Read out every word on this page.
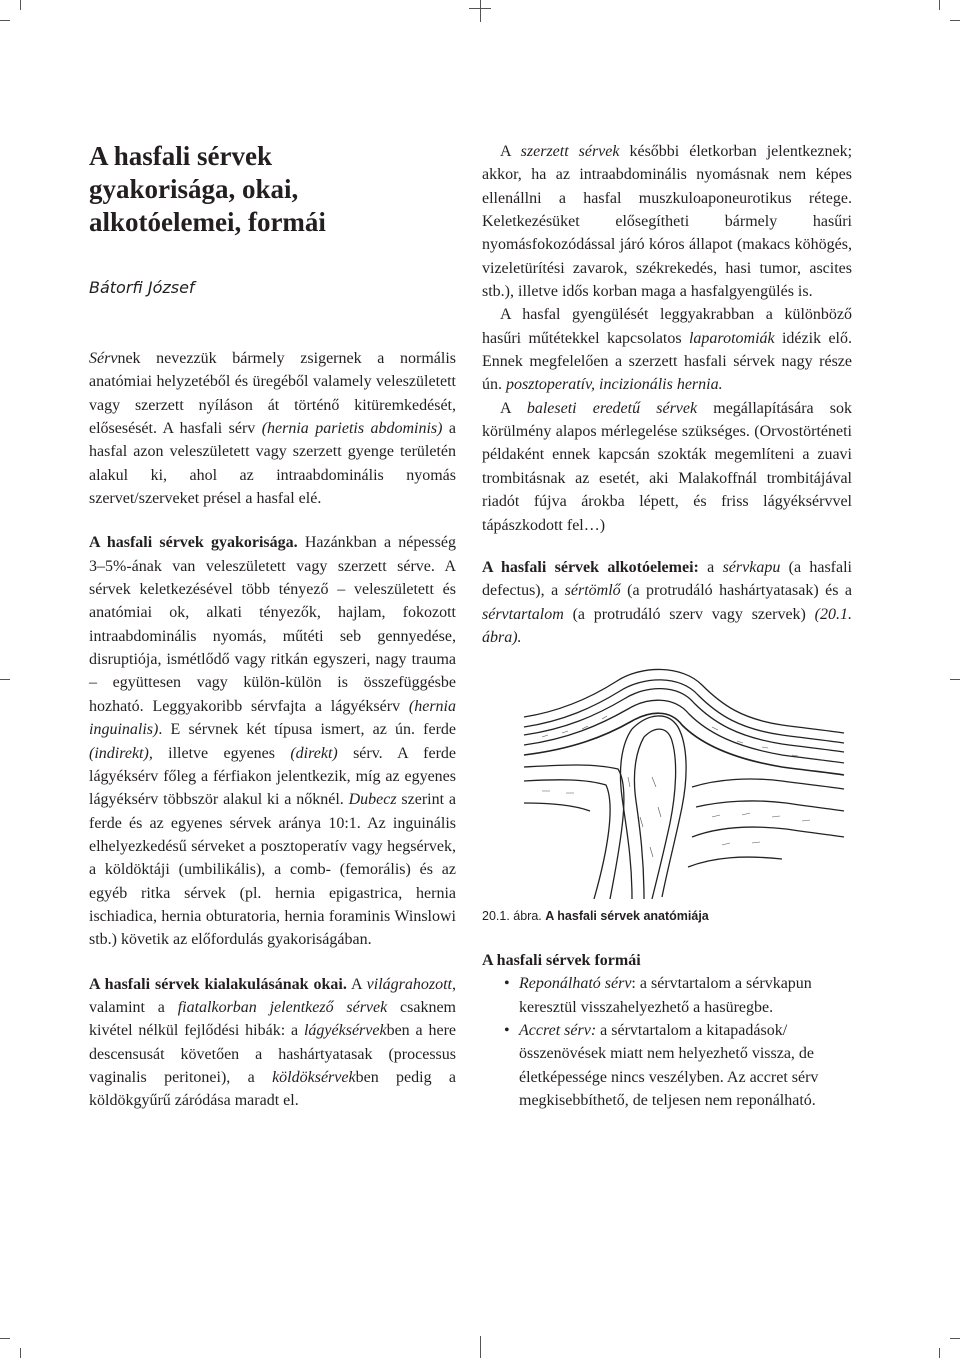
A hasfali sérvek
gyakorisága, okai,
alkotóelemei, formái
Bátorfi József

Sérvnek nevezzük bármely zsigernek a normális anatómiai helyzetéből és üregéből valamely veleszületett vagy szerzett nyíláson át történő kitüremkedését, elősesését. A hasfali sérv (hernia parietis abdominis) a hasfal azon veleszületett vagy szerzett gyenge területén alakul ki, ahol az intraabdominális nyomás szervet/szerveket présel a hasfal elé.

A hasfali sérvek gyakorisága. Hazánkban a népesség 3–5%-ának van veleszületett vagy szerzett sérve. A sérvek keletkezésével több tényező – veleszületett és anatómiai ok, alkati tényezők, hajlam, fokozott intraabdominális nyomás, műtéti seb gennyedése, disruptiója, ismétlődő vagy ritkán egyszeri, nagy trauma – együttesen vagy külön-külön is összefüggésbe hozható. Leggyakoribb sérvfajta a lágyéksérv (hernia inguinalis). E sérvnek két típusa ismert, az ún. ferde (indirekt), illetve egyenes (direkt) sérv. A ferde lágyéksérv főleg a férfiakon jelentkezik, míg az egyenes lágyéksérv többször alakul ki a nőknél. Dubecz szerint a ferde és az egyenes sérvek aránya 10:1. Az inguinális elhelyezkedésű sérveket a posztoperatív vagy hegsérvek, a köldöktáji (umbilikális), a comb- (femorális) és az egyéb ritka sérvek (pl. hernia epigastrica, hernia ischiadica, hernia obturatoria, hernia foraminis Winslowi stb.) követik az előfordulás gyakoriságában.

A hasfali sérvek kialakulásának okai. A világrahozott, valamint a fiatalkorban jelentkező sérvek csaknem kivétel nélkül fejlődési hibák: a lágyéksérvekben a here descensusát követően a hashártyatasak (processus vaginalis peritonei), a köldöksérvekben pedig a köldökgyűrű záródása maradt el.

A szerzett sérvek későbbi életkorban jelentkeznek; akkor, ha az intraabdominális nyomásnak nem képes ellenállni a hasfal muszkuloaponeurotikus rétege. Keletkezésüket elősegítheti bármely hasűri nyomásfokozódással járó kóros állapot (makacs köhögés, vizeletürítési zavarok, székrekedés, hasi tumor, ascites stb.), illetve idős korban maga a hasfalgyengülés is.

A hasfal gyengülését leggyakrabban a különböző hasűri műtétekkel kapcsolatos laparotomiák idézik elő. Ennek megfelelően a szerzett hasfali sérvek nagy része ún. posztoperatív, incizionális hernia.

A baleseti eredetű sérvek megállapítására sok körülmény alapos mérlegelése szükséges. (Orvostörténeti példaként ennek kapcsán szokták megemlíteni a zuavi trombitásnak az esetét, aki Malakoffnál trombitájával riadót fújva árokba lépett, és friss lágyéksérvvel tápászkodott fel…)

A hasfali sérvek alkotóelemei: a sérvkapu (a hasfali defectus), a sértömlő (a protrudáló hashártyatasak) és a sérvtartalom (a protrudáló szerv vagy szervek) (20.1. ábra).

20.1. ábra. A hasfali sérvek anatómiája
A hasfali sérvek formái
• Reponálható sérv: a sérvtartalom a sérvkapun keresztül visszahelyezhető a hasüregbe.
• Accret sérv: a sérvtartalom a kitapadások/összenövések miatt nem helyezhető vissza, de életképessége nincs veszélyben. Az accret sérv megkisebbíthető, de teljesen nem reponálható.
